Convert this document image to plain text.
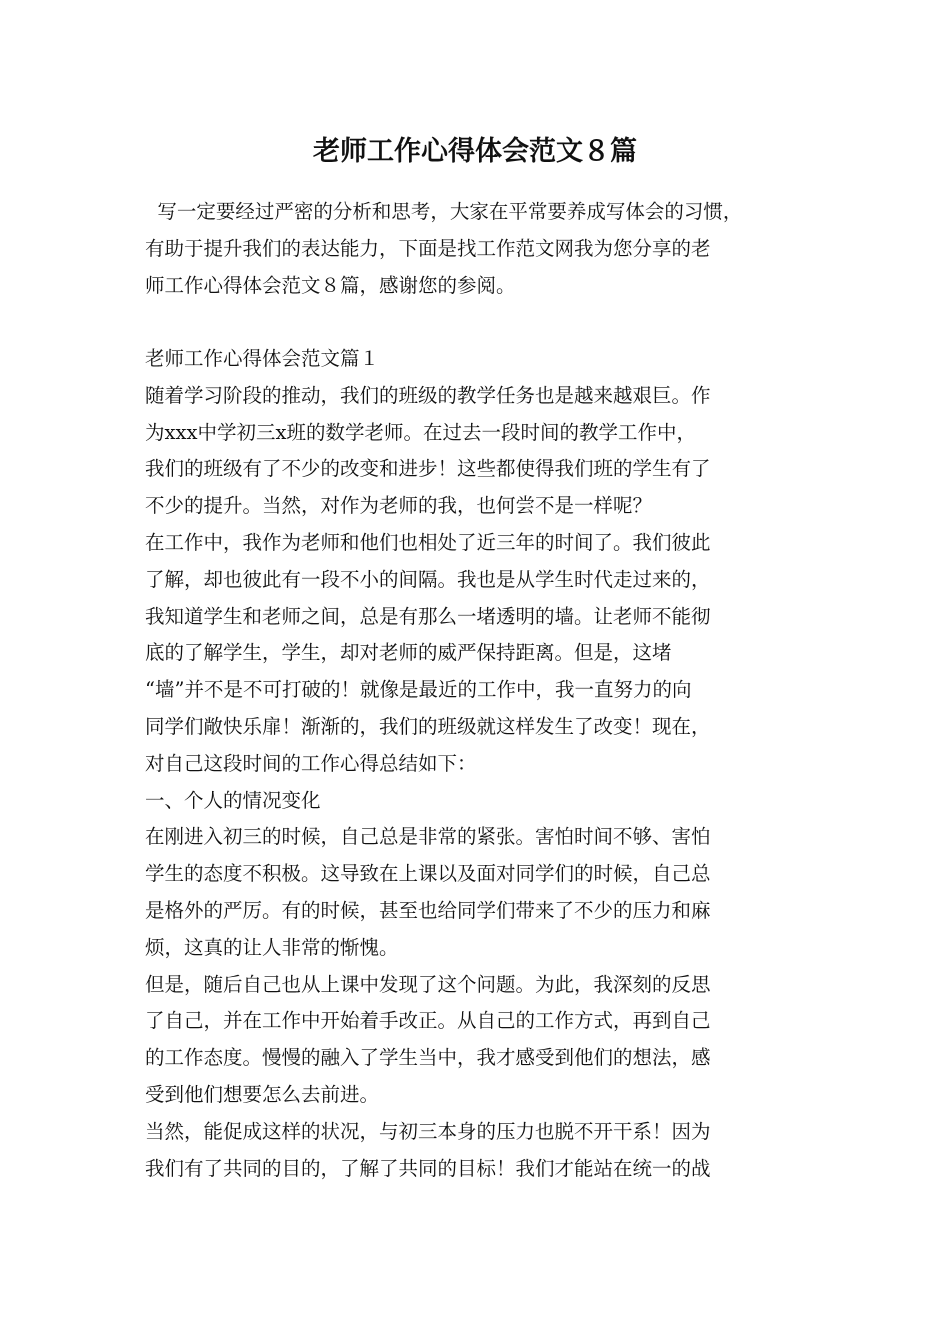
老师工作心得体会范文８篇
写一定要经过严密的分析和思考，大家在平常要养成写体会的习惯，
有助于提升我们的表达能力，下面是找工作范文网我为您分享的老
师工作心得体会范文８篇，感谢您的参阅。
老师工作心得体会范文篇１
随着学习阶段的推动，我们的班级的教学任务也是越来越艰巨。作
为xxx中学初三x班的数学老师。在过去一段时间的教学工作中，
我们的班级有了不少的改变和进步！这些都使得我们班的学生有了
不少的提升。当然，对作为老师的我，也何尝不是一样呢？
在工作中，我作为老师和他们也相处了近三年的时间了。我们彼此
了解，却也彼此有一段不小的间隔。我也是从学生时代走过来的，
我知道学生和老师之间，总是有那么一堵透明的墙。让老师不能彻
底的了解学生，学生，却对老师的威严保持距离。但是，这堵
“墙”并不是不可打破的！就像是最近的工作中，我一直努力的向
同学们敞快乐扉！渐渐的，我们的班级就这样发生了改变！现在，
对自己这段时间的工作心得总结如下：
一、个人的情况变化
在刚进入初三的时候，自己总是非常的紧张。害怕时间不够、害怕
学生的态度不积极。这导致在上课以及面对同学们的时候，自己总
是格外的严厉。有的时候，甚至也给同学们带来了不少的压力和麻
烦，这真的让人非常的惭愧。
但是，随后自己也从上课中发现了这个问题。为此，我深刻的反思
了自己，并在工作中开始着手改正。从自己的工作方式，再到自己
的工作态度。慢慢的融入了学生当中，我才感受到他们的想法，感
受到他们想要怎么去前进。
当然，能促成这样的状况，与初三本身的压力也脱不开干系！因为
我们有了共同的目的，了解了共同的目标！我们才能站在统一的战
